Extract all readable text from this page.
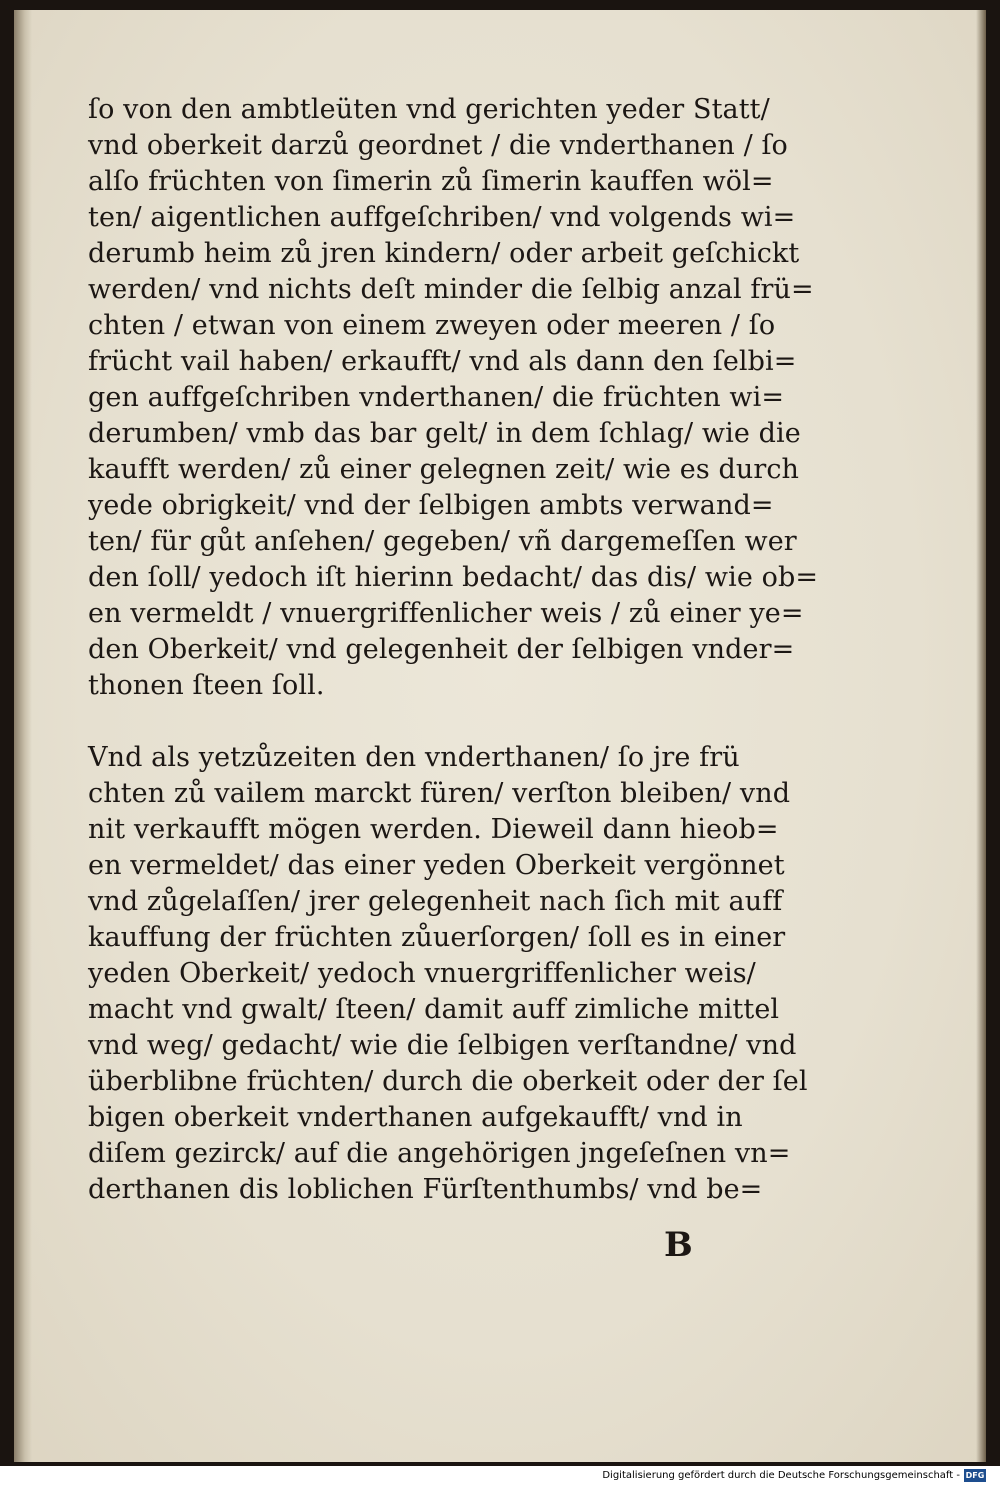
ſo von den ambtleüten vnd gerichten yeder Statt/
vnd oberkeit darzů geordnet / die vnderthanen / ſo
alſo früchten von ſimerin zů ſimerin kauffen wöl=
ten/ aigentlichen auffgeſchriben/ vnd volgends wi=
derumb heim zů jren kindern/ oder arbeit geſchickt
werden/ vnd nichts deſt minder die ſelbig anzal frü=
chten / etwan von einem zweyen oder meeren / ſo
frücht vail haben/ erkaufft/ vnd als dann den ſelbi=
gen auffgeſchriben vnderthanen/ die früchten wi=
derumben/ vmb das bar gelt/ in dem ſchlag/ wie die
kaufft werden/ zů einer gelegnen zeit/ wie es durch
yede obrigkeit/ vnd der ſelbigen ambts verwand=
ten/ für gůt anſehen/ gegeben/ vñ dargemeſſen wer
den ſoll/ yedoch iſt hierinn bedacht/ das dis/ wie ob=
en vermeldt / vnuergriffenlicher weis / zů einer ye=
den Oberkeit/ vnd gelegenheit der ſelbigen vnder=
thonen ſteen ſoll.
Vnd als yetzůzeiten den vnderthanen/ ſo jre frü
chten zů vailem marckt füren/ verſton bleiben/ vnd
nit verkaufft mögen werden. Dieweil dann hieob=
en vermeldet/ das einer yeden Oberkeit vergönnet
vnd zůgelaſſen/ jrer gelegenheit nach ſich mit auff
kauffung der früchten zůuerſorgen/ ſoll es in einer
yeden Oberkeit/ yedoch vnuergriffenlicher weis/
macht vnd gwalt/ ſteen/ damit auff zimliche mittel
vnd weg/ gedacht/ wie die ſelbigen verſtandne/ vnd
überblibne früchten/ durch die oberkeit oder der ſel
bigen oberkeit vnderthanen aufgekaufft/ vnd in
diſem gezirck/ auf die angehörigen jngeſeſnen vn=
derthanen dis loblichen Fürſtenthumbs/ vnd be=
B
Digitalisierung gefördert durch die Deutsche Forschungsgemeinschaft - DFG
